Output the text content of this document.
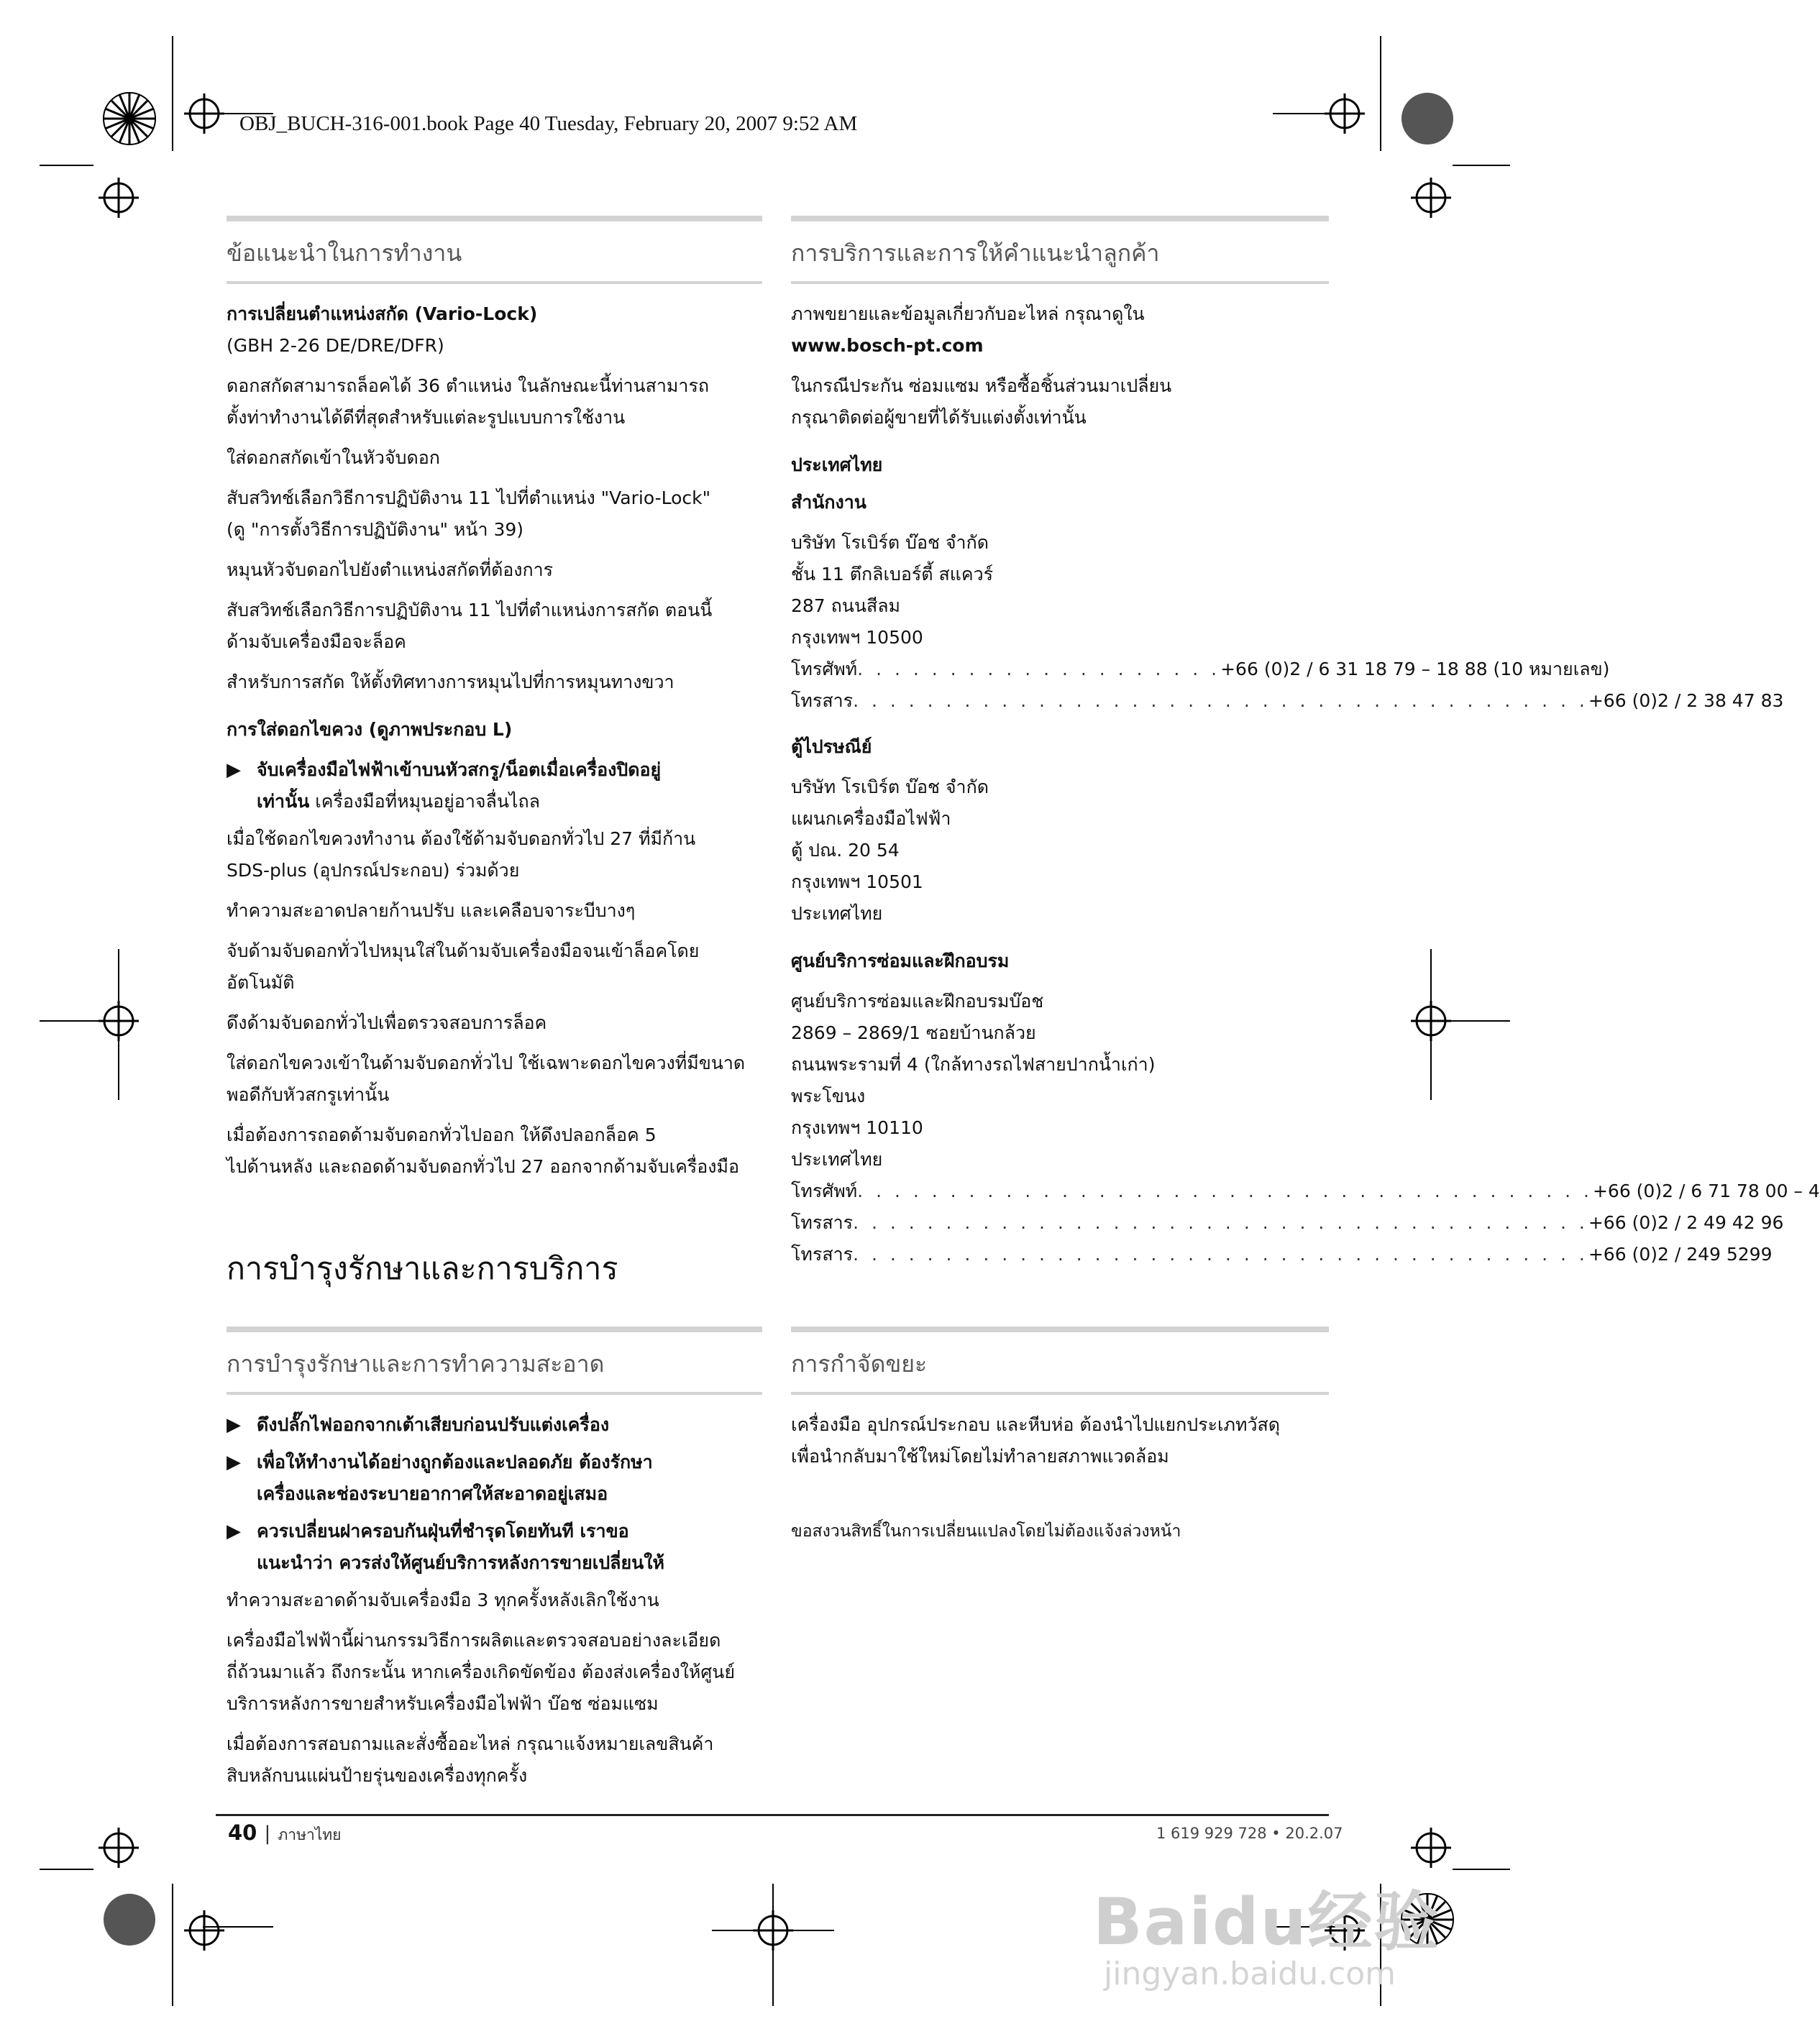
OBJ_BUCH-316-001.book Page 40 Tuesday, February 20, 2007 9:52 AM
ข้อแนะนำในการทำงาน
การเปลี่ยนตำแหน่งสกัด (Vario-Lock)
(GBH 2-26 DE/DRE/DFR)
ดอกสกัดสามารถล็อคได้ 36 ตำแหน่ง ในลักษณะนี้ท่านสามารถ
ตั้งท่าทำงานได้ดีที่สุดสำหรับแต่ละรูปแบบการใช้งาน
ใส่ดอกสกัดเข้าในหัวจับดอก
สับสวิทช์เลือกวิธีการปฏิบัติงาน 11 ไปที่ตำแหน่ง "Vario-Lock"
(ดู "การตั้งวิธีการปฏิบัติงาน" หน้า 39)
หมุนหัวจับดอกไปยังตำแหน่งสกัดที่ต้องการ
สับสวิทช์เลือกวิธีการปฏิบัติงาน 11 ไปที่ตำแหน่งการสกัด ตอนนี้
ด้ามจับเครื่องมือจะล็อค
สำหรับการสกัด ให้ตั้งทิศทางการหมุนไปที่การหมุนทางขวา
การใส่ดอกไขควง (ดูภาพประกอบ L)
▶ จับเครื่องมือไฟฟ้าเข้าบนหัวสกรู/น็อตเมื่อเครื่องปิดอยู่
เท่านั้น เครื่องมือที่หมุนอยู่อาจลื่นไถล
เมื่อใช้ดอกไขควงทำงาน ต้องใช้ด้ามจับดอกทั่วไป 27 ที่มีก้าน
SDS-plus (อุปกรณ์ประกอบ) ร่วมด้วย
ทำความสะอาดปลายก้านปรับ และเคลือบจาระบีบางๆ
จับด้ามจับดอกทั่วไปหมุนใส่ในด้ามจับเครื่องมือจนเข้าล็อคโดย
อัตโนมัติ
ดึงด้ามจับดอกทั่วไปเพื่อตรวจสอบการล็อค
ใส่ดอกไขควงเข้าในด้ามจับดอกทั่วไป ใช้เฉพาะดอกไขควงที่มีขนาด
พอดีกับหัวสกรูเท่านั้น
เมื่อต้องการถอดด้ามจับดอกทั่วไปออก ให้ดึงปลอกล็อค 5
ไปด้านหลัง และถอดด้ามจับดอกทั่วไป 27 ออกจากด้ามจับเครื่องมือ
การบำรุงรักษาและการบริการ
การบำรุงรักษาและการทำความสะอาด
▶ ดึงปลั๊กไฟออกจากเต้าเสียบก่อนปรับแต่งเครื่อง
▶ เพื่อให้ทำงานได้อย่างถูกต้องและปลอดภัย ต้องรักษา
เครื่องและช่องระบายอากาศให้สะอาดอยู่เสมอ
▶ ควรเปลี่ยนฝาครอบกันฝุ่นที่ชำรุดโดยทันที เราขอ
แนะนำว่า ควรส่งให้ศูนย์บริการหลังการขายเปลี่ยนให้
ทำความสะอาดด้ามจับเครื่องมือ 3 ทุกครั้งหลังเลิกใช้งาน
เครื่องมือไฟฟ้านี้ผ่านกรรมวิธีการผลิตและตรวจสอบอย่างละเอียด
ถี่ถ้วนมาแล้ว ถึงกระนั้น หากเครื่องเกิดขัดข้อง ต้องส่งเครื่องให้ศูนย์
บริการหลังการขายสำหรับเครื่องมือไฟฟ้า บ๊อช ซ่อมแซม
เมื่อต้องการสอบถามและสั่งซื้ออะไหล่ กรุณาแจ้งหมายเลขสินค้า
สิบหลักบนแผ่นป้ายรุ่นของเครื่องทุกครั้ง
การบริการและการให้คำแนะนำลูกค้า
ภาพขยายและข้อมูลเกี่ยวกับอะไหล่ กรุณาดูใน
www.bosch-pt.com
ในกรณีประกัน ซ่อมแซม หรือซื้อชิ้นส่วนมาเปลี่ยน
กรุณาติดต่อผู้ขายที่ได้รับแต่งตั้งเท่านั้น
ประเทศไทย
สำนักงาน
บริษัท โรเบิร์ต บ๊อช จำกัด
ชั้น 11 ตึกลิเบอร์ตี้ สแควร์
287 ถนนสีลม
กรุงเทพฯ 10500
โทรศัพท์ . . . . . . . . . . . . . . . . . . . . +66 (0)2 / 6 31 18 79 – 18 88 (10 หมายเลข)
โทรสาร . . . . . . . . . . . . . . . . . . . . . . . . . . . . . . . . . . . . . . . . +66 (0)2 / 2 38 47 83
ตู้ไปรษณีย์
บริษัท โรเบิร์ต บ๊อช จำกัด
แผนกเครื่องมือไฟฟ้า
ตู้ ปณ. 20 54
กรุงเทพฯ 10501
ประเทศไทย
ศูนย์บริการซ่อมและฝึกอบรม
ศูนย์บริการซ่อมและฝึกอบรมบ๊อช
2869 – 2869/1 ซอยบ้านกล้วย
ถนนพระรามที่ 4 (ใกล้ทางรถไฟสายปากน้ำเก่า)
พระโขนง
กรุงเทพฯ 10110
ประเทศไทย
โทรศัพท์ . . . . . . . . . . . . . . . . . . . . . . . . . . . . . . . . . . . . . . . . +66 (0)2 / 6 71 78 00 – 4
โทรสาร . . . . . . . . . . . . . . . . . . . . . . . . . . . . . . . . . . . . . . . . +66 (0)2 / 2 49 42 96
โทรสาร . . . . . . . . . . . . . . . . . . . . . . . . . . . . . . . . . . . . . . . . +66 (0)2 / 249 5299
การกำจัดขยะ
เครื่องมือ อุปกรณ์ประกอบ และหีบห่อ ต้องนำไปแยกประเภทวัสดุ
เพื่อนำกลับมาใช้ใหม่โดยไม่ทำลายสภาพแวดล้อม
ขอสงวนสิทธิ์ในการเปลี่ยนแปลงโดยไม่ต้องแจ้งล่วงหน้า
40 | ภาษาไทย	1 619 929 728 • 20.2.07
Baidu经验
jingyan.baidu.com
